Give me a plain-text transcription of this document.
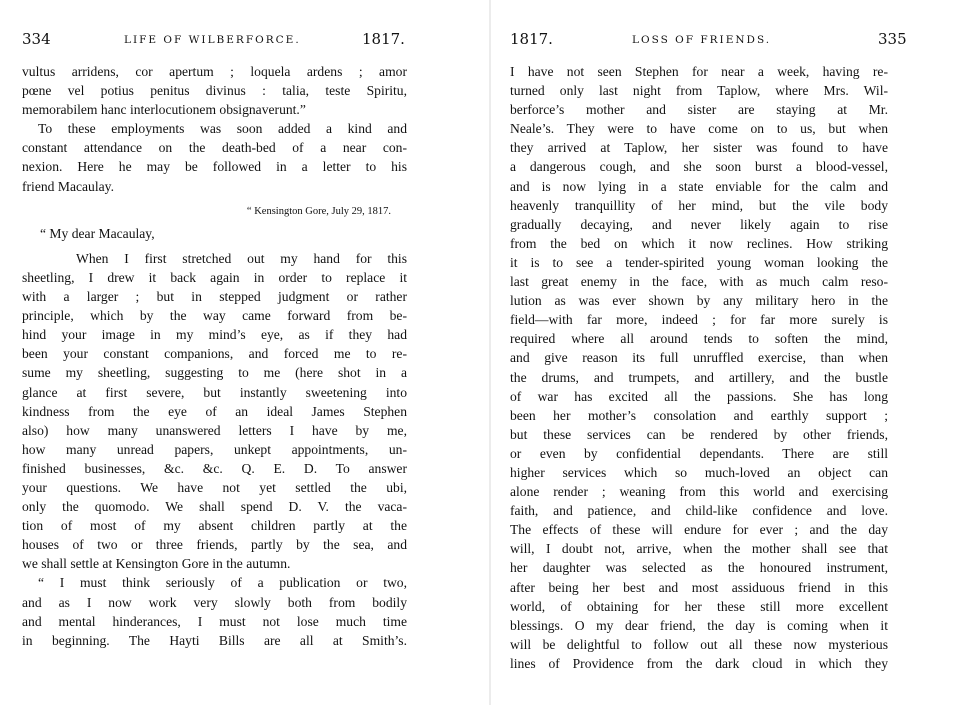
334	LIFE OF WILBERFORCE.	1817.
vultus arridens, cor apertum ; loquela ardens ; amor
pœne vel potius penitus divinus : talia, teste Spiritu,
memorabilem hanc interlocutionem obsignaverunt.”
To these employments was soon added a kind and
constant attendance on the death-bed of a near con-
nexion. Here he may be followed in a letter to his
friend Macaulay.
“ Kensington Gore, July 29, 1817.
“ My dear Macaulay,
When I first stretched out my hand for this
sheetling, I drew it back again in order to replace it
with a larger ; but in stepped judgment or rather
principle, which by the way came forward from be-
hind your image in my mind’s eye, as if they had
been your constant companions, and forced me to re-
sume my sheetling, suggesting to me (here shot in a
glance at first severe, but instantly sweetening into
kindness from the eye of an ideal James Stephen
also) how many unanswered letters I have by me,
how many unread papers, unkept appointments, un-
finished businesses, &c. &c. Q. E. D. To answer
your questions. We have not yet settled the ubi,
only the quomodo. We shall spend D. V. the vaca-
tion of most of my absent children partly at the
houses of two or three friends, partly by the sea, and
we shall settle at Kensington Gore in the autumn.
“ I must think seriously of a publication or two,
and as I now work very slowly both from bodily
and mental hinderances, I must not lose much time
in beginning. The Hayti Bills are all at Smith’s.
1817.	LOSS OF FRIENDS.	335
I have not seen Stephen for near a week, having re-
turned only last night from Taplow, where Mrs. Wil-
berforce’s mother and sister are staying at Mr.
Neale’s. They were to have come on to us, but when
they arrived at Taplow, her sister was found to have
a dangerous cough, and she soon burst a blood-vessel,
and is now lying in a state enviable for the calm and
heavenly tranquillity of her mind, but the vile body
gradually decaying, and never likely again to rise
from the bed on which it now reclines. How striking
it is to see a tender-spirited young woman looking the
last great enemy in the face, with as much calm reso-
lution as was ever shown by any military hero in the
field—with far more, indeed ; for far more surely is
required where all around tends to soften the mind,
and give reason its full unruffled exercise, than when
the drums, and trumpets, and artillery, and the bustle
of war has excited all the passions. She has long
been her mother’s consolation and earthly support ;
but these services can be rendered by other friends,
or even by confidential dependants. There are still
higher services which so much-loved an object can
alone render ; weaning from this world and exercising
faith, and patience, and child-like confidence and love.
The effects of these will endure for ever ; and the day
will, I doubt not, arrive, when the mother shall see that
her daughter was selected as the honoured instrument,
after being her best and most assiduous friend in this
world, of obtaining for her these still more excellent
blessings. O my dear friend, the day is coming when it
will be delightful to follow out all these now mysterious
lines of Providence from the dark cloud in which they
